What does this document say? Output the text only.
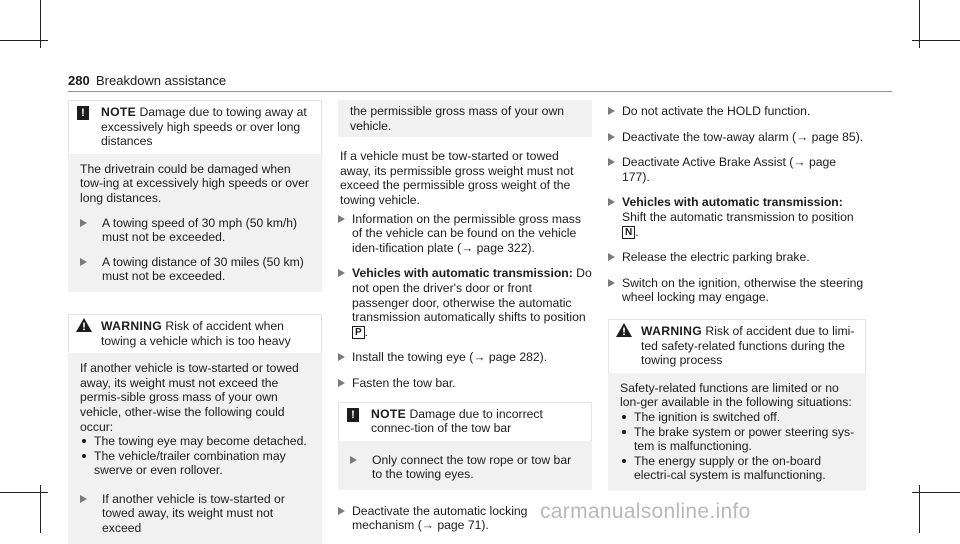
280 Breakdown assistance
!	NOTE Damage due to towing away at excessively high speeds or over long distances

The drivetrain could be damaged when tow-ing at excessively high speeds or over long distances.

A towing speed of 30 mph (50 km/h) must not be exceeded.
A towing distance of 30 miles (50 km) must not be exceeded.
WARNING Risk of accident when towing a vehicle which is too heavy

If another vehicle is tow-started or towed away, its weight must not exceed the permis-sible gross mass of your own vehicle, other-wise the following could occur:

The towing eye may become detached.
The vehicle/trailer combination may swerve or even rollover.
If another vehicle is tow-started or towed away, its weight must not exceed

the permissible gross mass of your own vehicle.

If a vehicle must be tow-started or towed away, its permissible gross weight must not exceed the permissible gross weight of the towing vehicle.

Information on the permissible gross mass of the vehicle can be found on the vehicle iden-tification plate (→ page 322).
Vehicles with automatic transmission: Do not open the driver's door or front passenger door, otherwise the automatic transmission automatically shifts to position P .
Install the towing eye (→ page 282).
Fasten the tow bar.
!	NOTE Damage due to incorrect connec-tion of the tow bar
Only connect the tow rope or tow bar to the towing eyes.
Deactivate the automatic locking mechanism (→ page 71).
Do not activate the HOLD function.
Deactivate the tow-away alarm (→ page 85).
Deactivate Active Brake Assist (→ page 177).
Vehicles with automatic transmission:
Shift the automatic transmission to position
N .
Release the electric parking brake.
Switch on the ignition, otherwise the steering wheel locking may engage.
WARNING Risk of accident due to limi-ted safety-related functions during the towing process

Safety-related functions are limited or no lon-ger available in the following situations:

The ignition is switched off.
The brake system or power steering sys-tem is malfunctioning.
The energy supply or the on-board electri-cal system is malfunctioning.
carmanualsonline.info
